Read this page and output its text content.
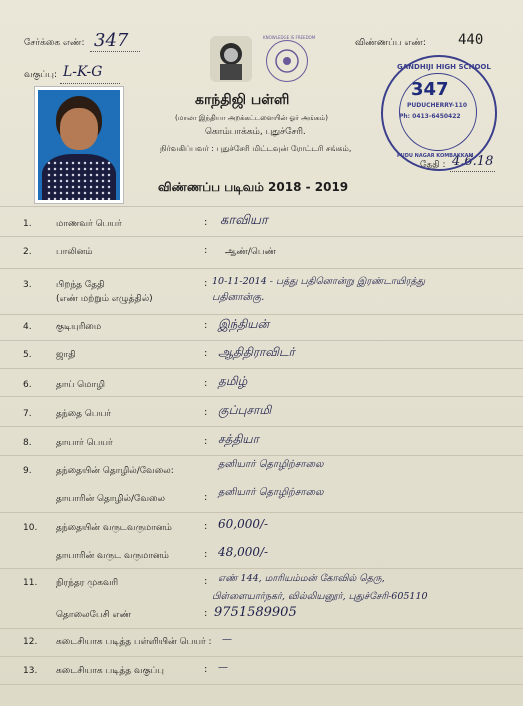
சேர்க்கை எண்: 347	விண்ணப்ப எண்: 440
வகுப்பு: L-K-G
KNOWLEDGE IS FREEDOM
காந்திஜி பள்ளி
(மாலா இந்தியா அறக்கட்டளையின் ஓர் அங்கம்)
கொம்பாக்கம், புதுச்சேரி.
நிர்வகிப்பவர் : புதுச்சேரி மிட்டவுன் ரோட்டரி சங்கம்,
தேதி : 4.6.18
விண்ணப்ப படிவம் 2018 - 2019
GANDHIJI HIGH SCHOOL
347
PUDUCHERRY-110
Ph: 0413-6450422
PUDU NAGAR KOMBAKKAM
1.	மாணவர் பெயர்	: காவியா
2.	பாலினம்	: ஆண்/பெண்
3.	பிறந்த தேதி
(எண் மற்றும் எழுத்தில்)
: 10-11-2014 - பத்து பதினொன்று இரண்டாயிரத்து
பதினான்கு.
4.	குடியுரிமை	: இந்தியன்
5.	ஜாதி	: ஆதிதிராவிடர்
6.	தாய் மொழி	: தமிழ்
7.	தந்தை பெயர்	: குப்புசாமி
8.	தாயார் பெயர்	: சத்தியா
9.	தந்தையின் தொழில்/வேலை:
தனியார் தொழிற்சாலை
தாயாரின் தொழில்/வேலை	: தனியார் தொழிற்சாலை
10. தந்தையின் வருடவருமானம்	: 60,000/-
தாயாரின் வருட வருமானம்	: 48,000/-
11. நிரந்தர முகவரி	: எண் 144, மாரியம்மன் கோவில் தெரு,
பிள்ளையார்நகர், வில்லியனூர், புதுச்சேரி-605110
தொலைபேசி எண்	: 9751589905
12. கடைசியாக படித்த பள்ளியின் பெயர் : —
13. கடைசியாக படித்த வகுப்பு	: —
